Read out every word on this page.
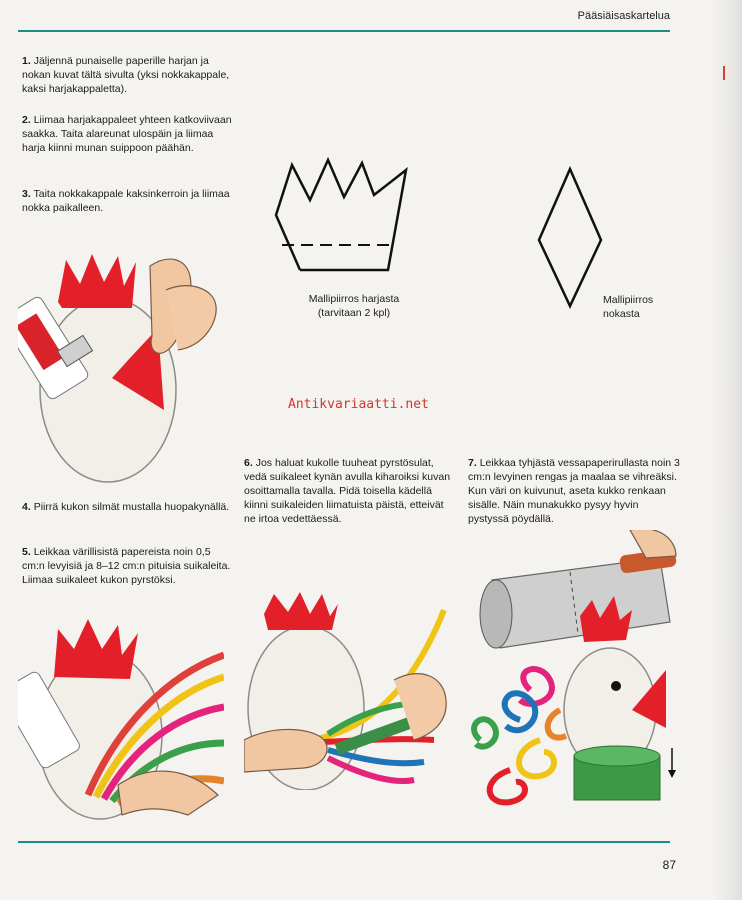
Pääsiäisaskartelua

1. Jäljennä punaiselle paperille harjan ja nokan kuvat tältä sivulta (yksi nokkakappale, kaksi harjakappaletta).

2. Liimaa harjakappaleet yhteen katkoviivaan saakka. Taita alareunat ulospäin ja liimaa harja kiinni munan suippoon päähän.

3. Taita nokkakappale kaksinkerroin ja liimaa nokka paikalleen.

4. Piirrä kukon silmät mustalla huopakynällä.

5. Leikkaa värillisistä papereista noin 0,5 cm:n levyisiä ja 8–12 cm:n pituisia suikaleita. Liimaa suikaleet kukon pyrstöksi.

6. Jos haluat kukolle tuuheat pyrstösulat, vedä suikaleet kynän avulla kiharoiksi kuvan osoittamalla tavalla. Pidä toisella kädellä kiinni suikaleiden liimatuista päistä, etteivät ne irtoa vedettäessä.

7. Leikkaa tyhjästä vessapaperirullasta noin 3 cm:n levyinen rengas ja maalaa se vihreäksi. Kun väri on kuivunut, aseta kukko renkaan sisälle. Näin munakukko pysyy hyvin pystyssä pöydällä.

Mallipiirros harjasta
(tarvitaan 2 kpl)
Mallipiirros
nokasta
Antikvariaatti.net
87
